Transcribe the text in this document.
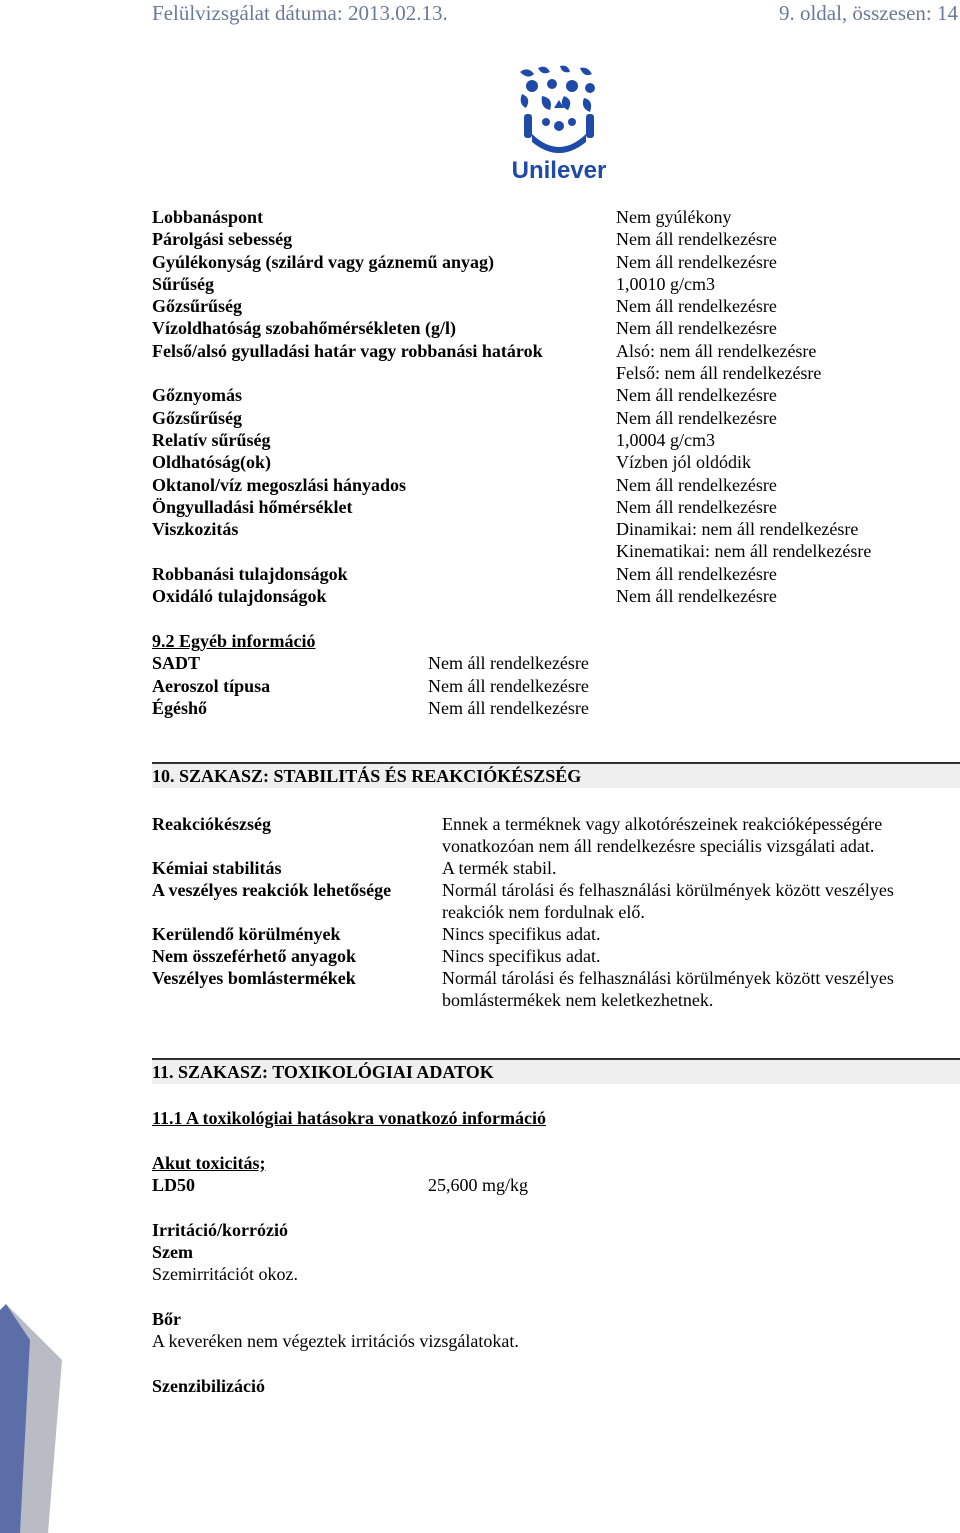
Felülvizsgálat dátuma: 2013.02.13.	9. oldal, összesen: 14
Unilever
Lobbanáspont	Nem gyúlékony
Párolgási sebesség	Nem áll rendelkezésre
Gyúlékonyság (szilárd vagy gáznemű anyag)	Nem áll rendelkezésre
Sűrűség	1,0010 g/cm3
Gőzsűrűség	Nem áll rendelkezésre
Vízoldhatóság szobahőmérsékleten (g/l)	Nem áll rendelkezésre
Felső/alsó gyulladási határ vagy robbanási határok	Alsó: nem áll rendelkezésre
Felső: nem áll rendelkezésre
Gőznyomás	Nem áll rendelkezésre
Gőzsűrűség	Nem áll rendelkezésre
Relatív sűrűség	1,0004 g/cm3
Oldhatóság(ok)	Vízben jól oldódik
Oktanol/víz megoszlási hányados	Nem áll rendelkezésre
Öngyulladási hőmérséklet	Nem áll rendelkezésre
Viszkozitás	Dinamikai: nem áll rendelkezésre
Kinematikai: nem áll rendelkezésre
Robbanási tulajdonságok	Nem áll rendelkezésre
Oxidáló tulajdonságok	Nem áll rendelkezésre
9.2 Egyéb információ
SADT	Nem áll rendelkezésre
Aeroszol típusa	Nem áll rendelkezésre
Égéshő	Nem áll rendelkezésre
10. SZAKASZ: STABILITÁS ÉS REAKCIÓKÉSZSÉG
Reakciókészség	Ennek a terméknek vagy alkotórészeinek reakcióképességére vonatkozóan nem áll rendelkezésre speciális vizsgálati adat.
Kémiai stabilitás	A termék stabil.
A veszélyes reakciók lehetősége	Normál tárolási és felhasználási körülmények között veszélyes reakciók nem fordulnak elő.
Kerülendő körülmények	Nincs specifikus adat.
Nem összeférhető anyagok	Nincs specifikus adat.
Veszélyes bomlástermékek	Normál tárolási és felhasználási körülmények között veszélyes bomlástermékek nem keletkezhetnek.
11. SZAKASZ: TOXIKOLÓGIAI ADATOK
11.1 A toxikológiai hatásokra vonatkozó információ
Akut toxicitás;
LD50	25,600 mg/kg
Irritáció/korrózió
Szem
Szemirritációt okoz.
Bőr
A keveréken nem végeztek irritációs vizsgálatokat.
Szenzibilizáció
